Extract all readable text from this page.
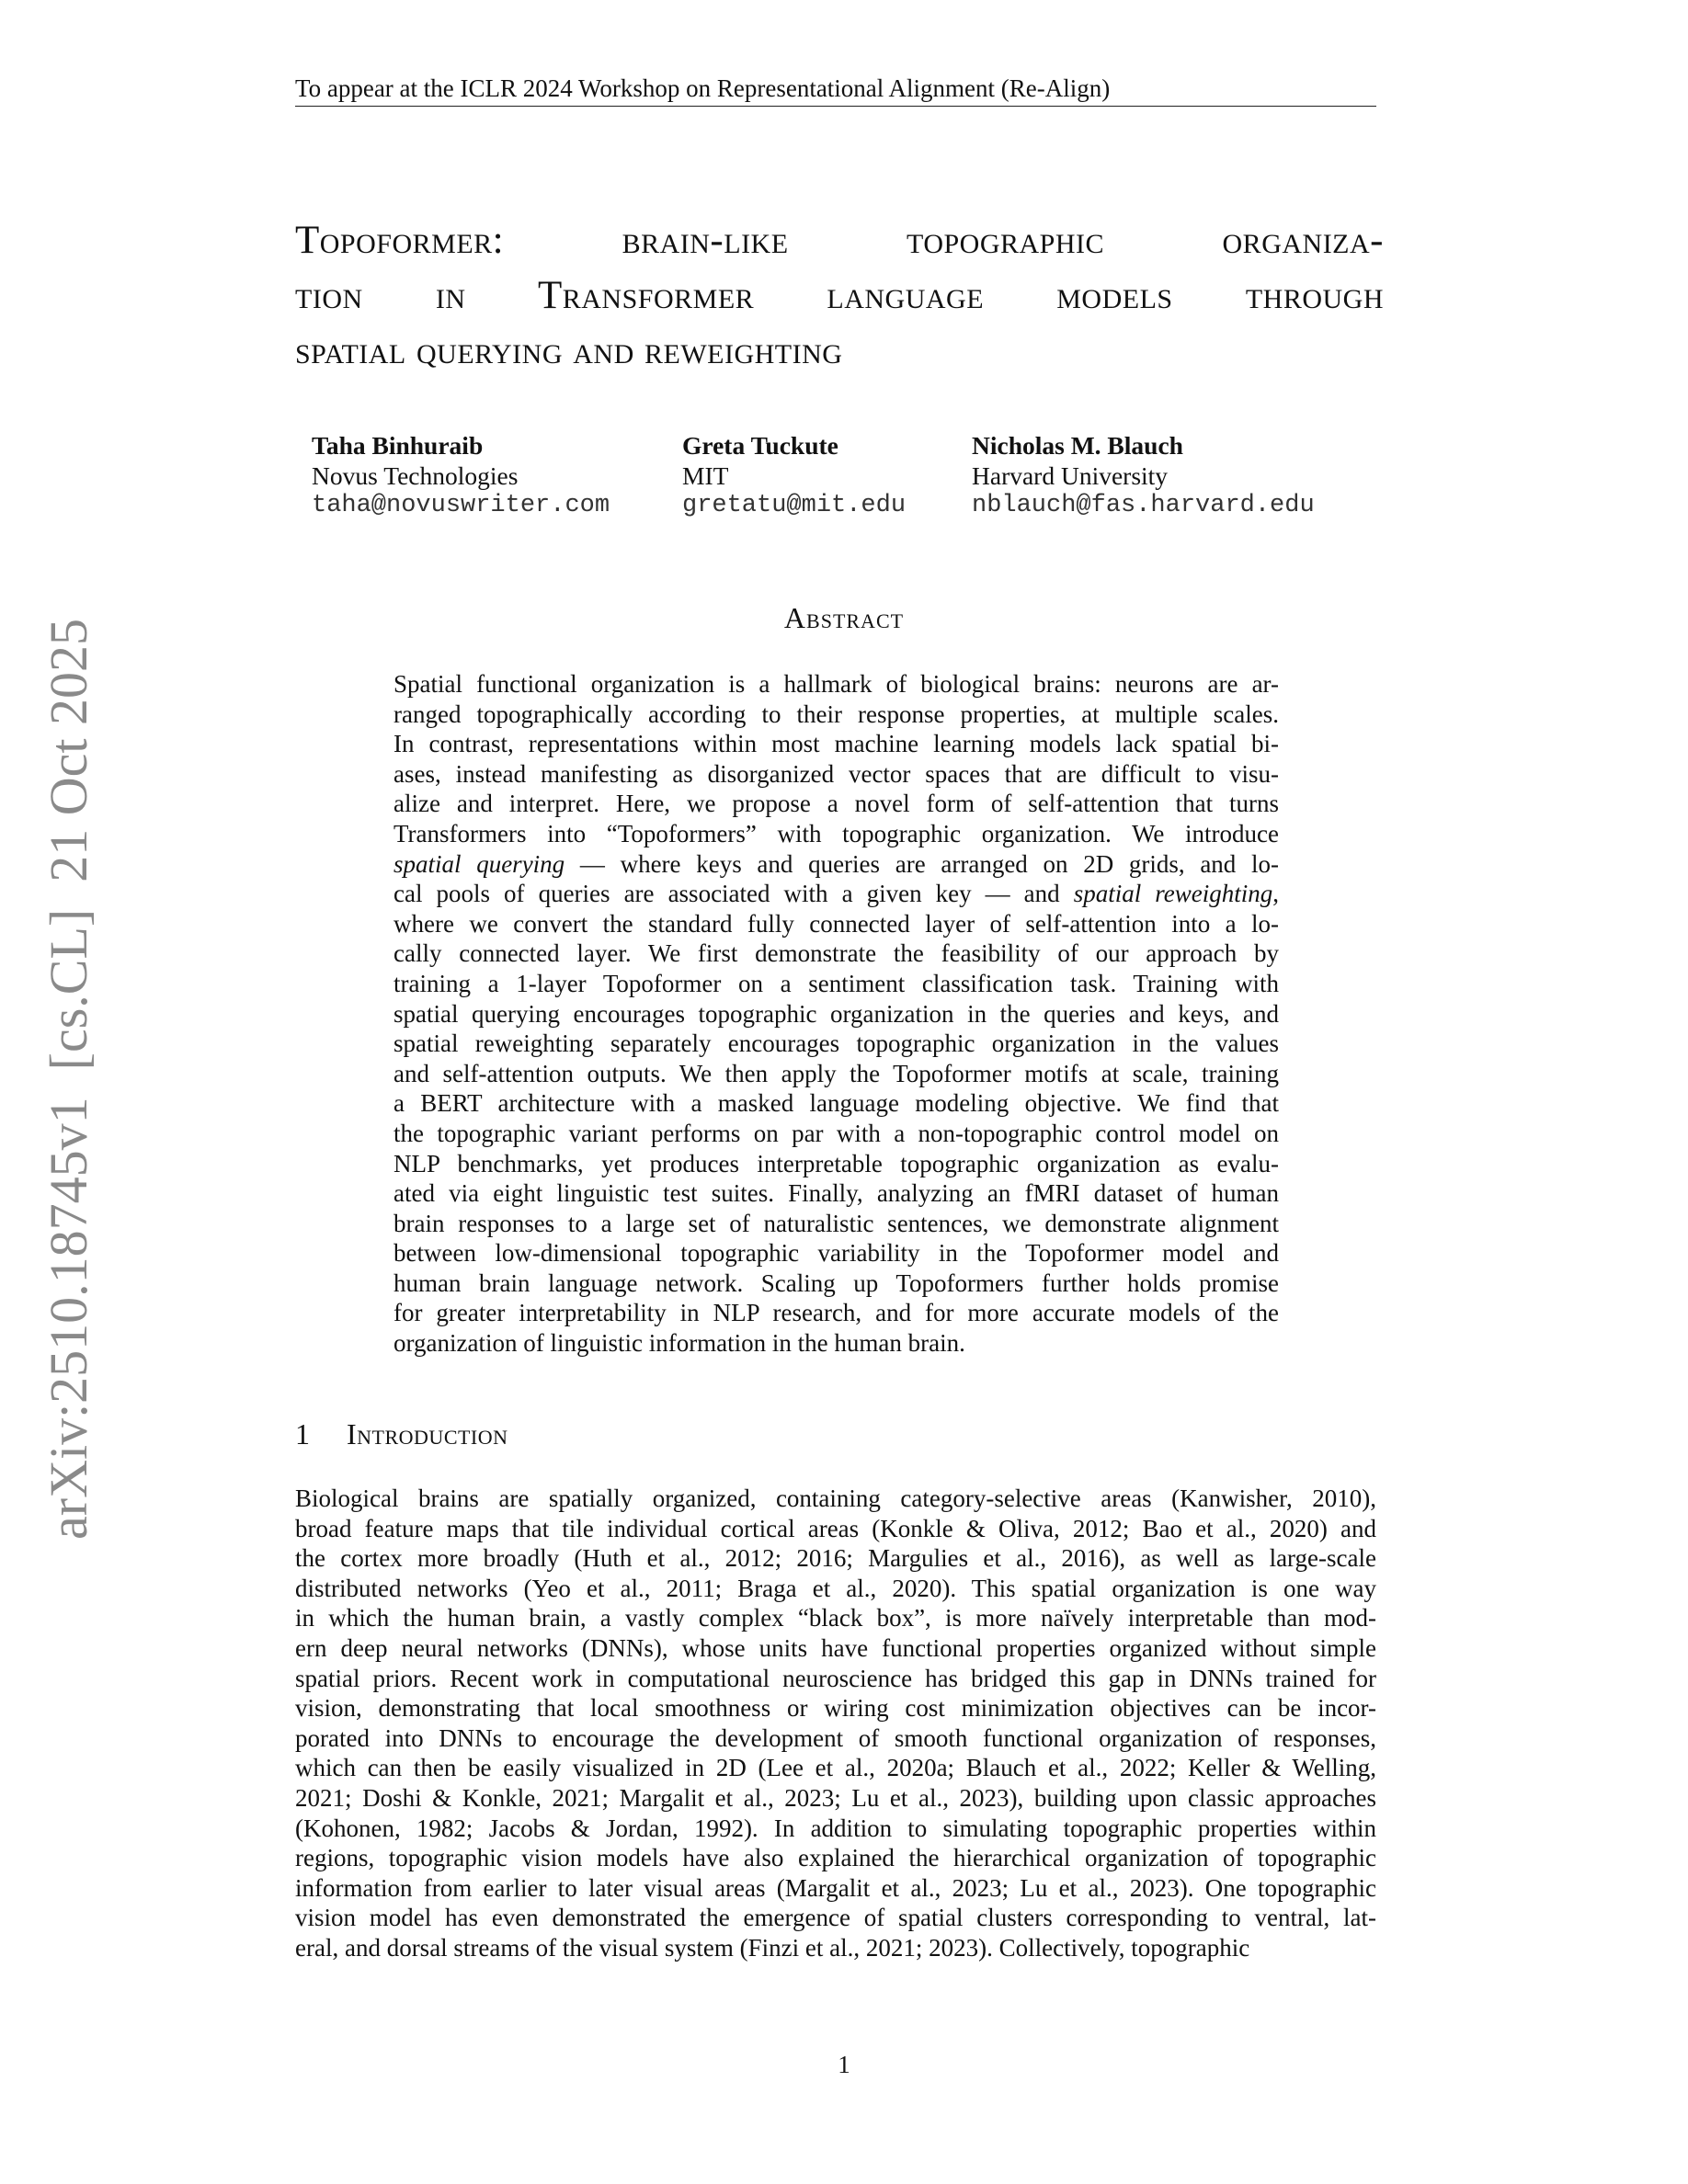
To appear at the ICLR 2024 Workshop on Representational Alignment (Re-Align)
arXiv:2510.18745v1  [cs.CL]  21 Oct 2025
Topoformer: brain-like topographic organiza-
tion in Transformer language models through
spatial querying and reweighting
Taha Binhuraib
Novus Technologies
taha@novuswriter.com
Greta Tuckute
MIT
gretatu@mit.edu
Nicholas M. Blauch
Harvard University
nblauch@fas.harvard.edu
Abstract
Spatial functional organization is a hallmark of biological brains: neurons are ar-
ranged topographically according to their response properties, at multiple scales.
In contrast, representations within most machine learning models lack spatial bi-
ases, instead manifesting as disorganized vector spaces that are difficult to visu-
alize and interpret. Here, we propose a novel form of self-attention that turns
Transformers into “Topoformers” with topographic organization. We introduce
spatial querying — where keys and queries are arranged on 2D grids, and lo-
cal pools of queries are associated with a given key — and spatial reweighting,
where we convert the standard fully connected layer of self-attention into a lo-
cally connected layer. We first demonstrate the feasibility of our approach by
training a 1-layer Topoformer on a sentiment classification task. Training with
spatial querying encourages topographic organization in the queries and keys, and
spatial reweighting separately encourages topographic organization in the values
and self-attention outputs. We then apply the Topoformer motifs at scale, training
a BERT architecture with a masked language modeling objective. We find that
the topographic variant performs on par with a non-topographic control model on
NLP benchmarks, yet produces interpretable topographic organization as evalu-
ated via eight linguistic test suites. Finally, analyzing an fMRI dataset of human
brain responses to a large set of naturalistic sentences, we demonstrate alignment
between low-dimensional topographic variability in the Topoformer model and
human brain language network. Scaling up Topoformers further holds promise
for greater interpretability in NLP research, and for more accurate models of the
organization of linguistic information in the human brain.
1 Introduction
Biological brains are spatially organized, containing category-selective areas (Kanwisher, 2010),
broad feature maps that tile individual cortical areas (Konkle & Oliva, 2012; Bao et al., 2020) and
the cortex more broadly (Huth et al., 2012; 2016; Margulies et al., 2016), as well as large-scale
distributed networks (Yeo et al., 2011; Braga et al., 2020). This spatial organization is one way
in which the human brain, a vastly complex “black box”, is more naïvely interpretable than mod-
ern deep neural networks (DNNs), whose units have functional properties organized without simple
spatial priors. Recent work in computational neuroscience has bridged this gap in DNNs trained for
vision, demonstrating that local smoothness or wiring cost minimization objectives can be incor-
porated into DNNs to encourage the development of smooth functional organization of responses,
which can then be easily visualized in 2D (Lee et al., 2020a; Blauch et al., 2022; Keller & Welling,
2021; Doshi & Konkle, 2021; Margalit et al., 2023; Lu et al., 2023), building upon classic approaches
(Kohonen, 1982; Jacobs & Jordan, 1992). In addition to simulating topographic properties within
regions, topographic vision models have also explained the hierarchical organization of topographic
information from earlier to later visual areas (Margalit et al., 2023; Lu et al., 2023). One topographic
vision model has even demonstrated the emergence of spatial clusters corresponding to ventral, lat-
eral, and dorsal streams of the visual system (Finzi et al., 2021; 2023). Collectively, topographic
1
